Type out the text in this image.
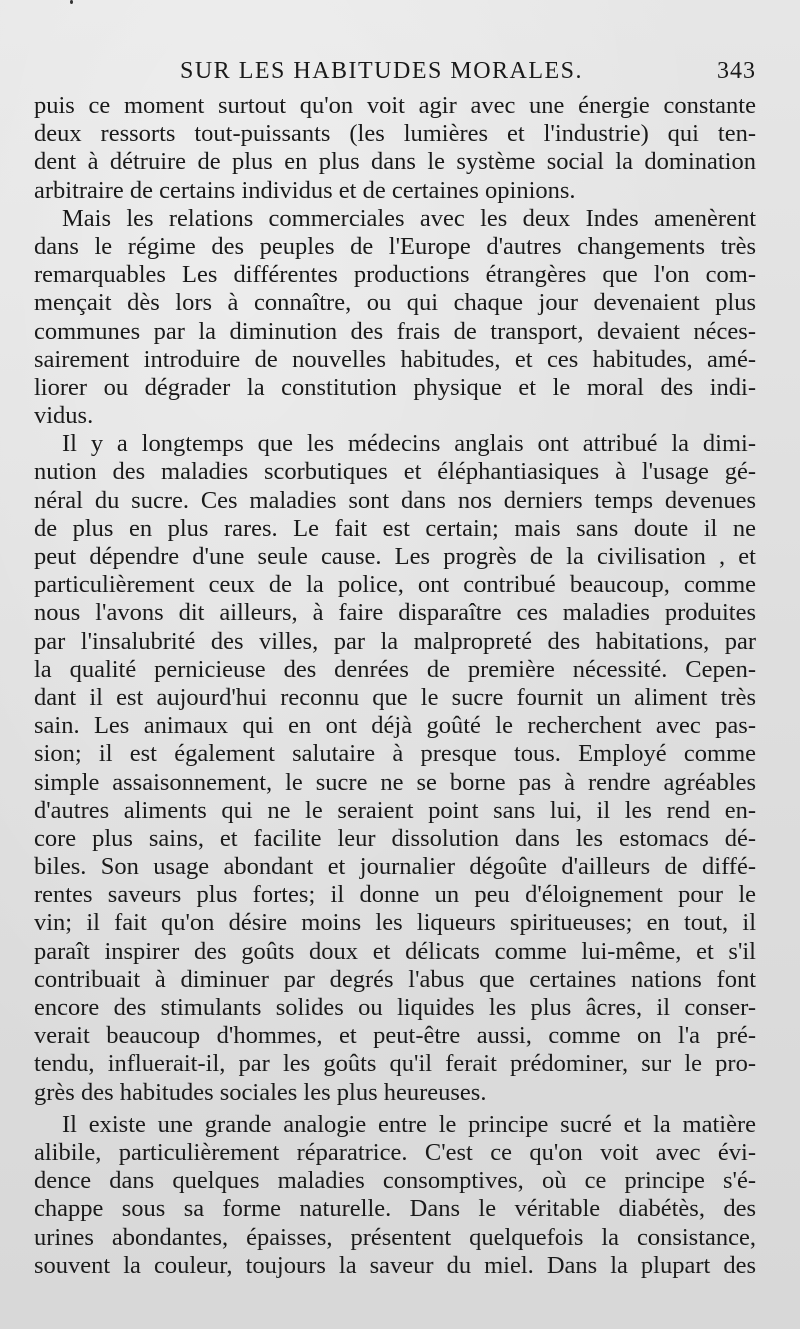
SUR LES HABITUDES MORALES.	343
puis ce moment surtout qu'on voit agir avec une énergie constante
deux ressorts tout-puissants (les lumières et l'industrie) qui ten-
dent à détruire de plus en plus dans le système social la domination
arbitraire de certains individus et de certaines opinions.
Mais les relations commerciales avec les deux Indes amenèrent
dans le régime des peuples de l'Europe d'autres changements très
remarquables Les différentes productions étrangères que l'on com-
mençait dès lors à connaître, ou qui chaque jour devenaient plus
communes par la diminution des frais de transport, devaient néces-
sairement introduire de nouvelles habitudes, et ces habitudes, amé-
liorer ou dégrader la constitution physique et le moral des indi-
vidus.
Il y a longtemps que les médecins anglais ont attribué la dimi-
nution des maladies scorbutiques et éléphantiasiques à l'usage gé-
néral du sucre. Ces maladies sont dans nos derniers temps devenues
de plus en plus rares. Le fait est certain; mais sans doute il ne
peut dépendre d'une seule cause. Les progrès de la civilisation , et
particulièrement ceux de la police, ont contribué beaucoup, comme
nous l'avons dit ailleurs, à faire disparaître ces maladies produites
par l'insalubrité des villes, par la malpropreté des habitations, par
la qualité pernicieuse des denrées de première nécessité. Cepen-
dant il est aujourd'hui reconnu que le sucre fournit un aliment très
sain. Les animaux qui en ont déjà goûté le recherchent avec pas-
sion; il est également salutaire à presque tous. Employé comme
simple assaisonnement, le sucre ne se borne pas à rendre agréables
d'autres aliments qui ne le seraient point sans lui, il les rend en-
core plus sains, et facilite leur dissolution dans les estomacs dé-
biles. Son usage abondant et journalier dégoûte d'ailleurs de diffé-
rentes saveurs plus fortes; il donne un peu d'éloignement pour le
vin; il fait qu'on désire moins les liqueurs spiritueuses; en tout, il
paraît inspirer des goûts doux et délicats comme lui-même, et s'il
contribuait à diminuer par degrés l'abus que certaines nations font
encore des stimulants solides ou liquides les plus âcres, il conser-
verait beaucoup d'hommes, et peut-être aussi, comme on l'a pré-
tendu, influerait-il, par les goûts qu'il ferait prédominer, sur le pro-
grès des habitudes sociales les plus heureuses.
Il existe une grande analogie entre le principe sucré et la matière
alibile, particulièrement réparatrice. C'est ce qu'on voit avec évi-
dence dans quelques maladies consomptives, où ce principe s'é-
chappe sous sa forme naturelle. Dans le véritable diabétès, des
urines abondantes, épaisses, présentent quelquefois la consistance,
souvent la couleur, toujours la saveur du miel. Dans la plupart des
